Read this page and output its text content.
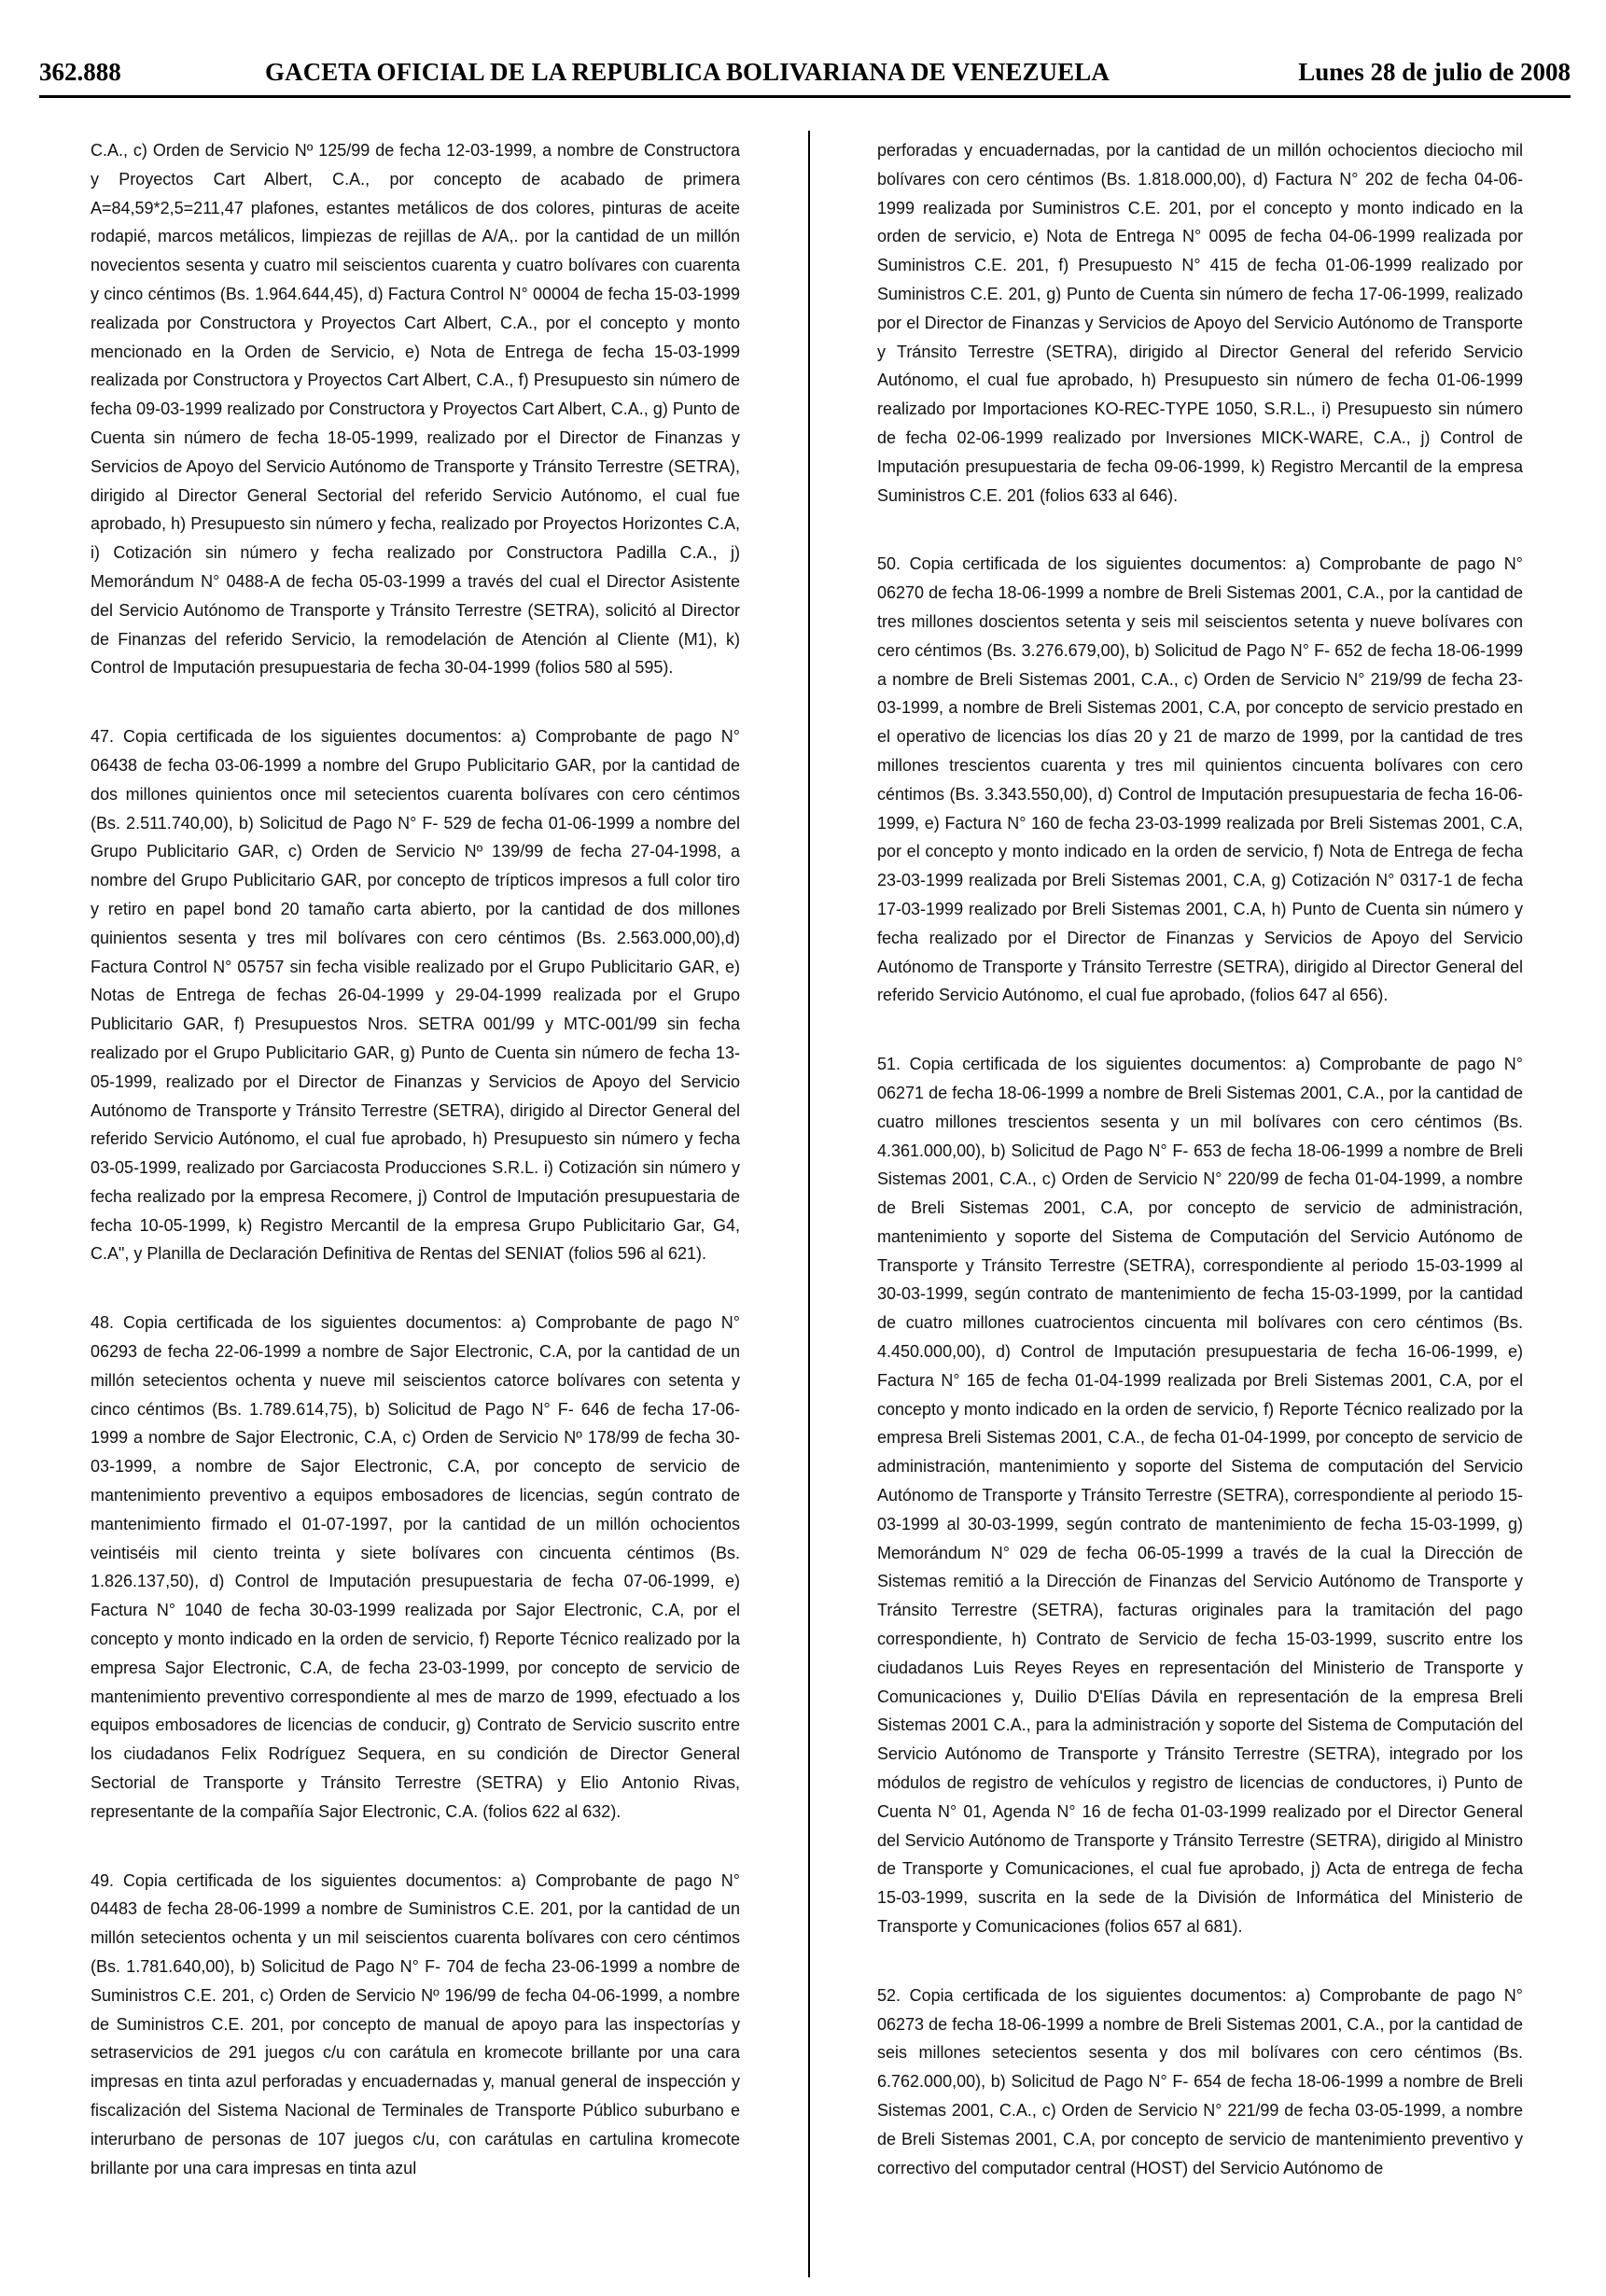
362.888	GACETA OFICIAL DE LA REPUBLICA BOLIVARIANA DE VENEZUELA	Lunes 28 de julio de 2008

C.A., c) Orden de Servicio Nº 125/99 de fecha 12-03-1999, a nombre de Constructora y Proyectos Cart Albert, C.A., por concepto de acabado de primera A=84,59*2,5=211,47 plafones, estantes metálicos de dos colores, pinturas de aceite rodapié, marcos metálicos, limpiezas de rejillas de A/A,. por la cantidad de un millón novecientos sesenta y cuatro mil seiscientos cuarenta y cuatro bolívares con cuarenta y cinco céntimos (Bs. 1.964.644,45), d) Factura Control N° 00004 de fecha 15-03-1999 realizada por Constructora y Proyectos Cart Albert, C.A., por el concepto y monto mencionado en la Orden de Servicio, e) Nota de Entrega de fecha 15-03-1999 realizada por Constructora y Proyectos Cart Albert, C.A., f) Presupuesto sin número de fecha 09-03-1999 realizado por Constructora y Proyectos Cart Albert, C.A., g) Punto de Cuenta sin número de fecha 18-05-1999, realizado por el Director de Finanzas y Servicios de Apoyo del Servicio Autónomo de Transporte y Tránsito Terrestre (SETRA), dirigido al Director General Sectorial del referido Servicio Autónomo, el cual fue aprobado, h) Presupuesto sin número y fecha, realizado por Proyectos Horizontes C.A, i) Cotización sin número y fecha realizado por Constructora Padilla C.A., j) Memorándum N° 0488-A de fecha 05-03-1999 a través del cual el Director Asistente del Servicio Autónomo de Transporte y Tránsito Terrestre (SETRA), solicitó al Director de Finanzas del referido Servicio, la remodelación de Atención al Cliente (M1), k) Control de Imputación presupuestaria de fecha 30-04-1999 (folios 580 al 595).

47. Copia certificada de los siguientes documentos: a) Comprobante de pago N° 06438 de fecha 03-06-1999 a nombre del Grupo Publicitario GAR, por la cantidad de dos millones quinientos once mil setecientos cuarenta bolívares con cero céntimos (Bs. 2.511.740,00), b) Solicitud de Pago N° F- 529 de fecha 01-06-1999 a nombre del Grupo Publicitario GAR, c) Orden de Servicio Nº 139/99 de fecha 27-04-1998, a nombre del Grupo Publicitario GAR, por concepto de trípticos impresos a full color tiro y retiro en papel bond 20 tamaño carta abierto, por la cantidad de dos millones quinientos sesenta y tres mil bolívares con cero céntimos (Bs. 2.563.000,00),d) Factura Control N° 05757 sin fecha visible realizado por el Grupo Publicitario GAR, e) Notas de Entrega de fechas 26-04-1999 y 29-04-1999 realizada por el Grupo Publicitario GAR, f) Presupuestos Nros. SETRA 001/99 y MTC-001/99 sin fecha realizado por el Grupo Publicitario GAR, g) Punto de Cuenta sin número de fecha 13-05-1999, realizado por el Director de Finanzas y Servicios de Apoyo del Servicio Autónomo de Transporte y Tránsito Terrestre (SETRA), dirigido al Director General del referido Servicio Autónomo, el cual fue aprobado, h) Presupuesto sin número y fecha 03-05-1999, realizado por Garciacosta Producciones S.R.L. i) Cotización sin número y fecha realizado por la empresa Recomere, j) Control de Imputación presupuestaria de fecha 10-05-1999, k) Registro Mercantil de la empresa Grupo Publicitario Gar, G4, C.A", y Planilla de Declaración Definitiva de Rentas del SENIAT (folios 596 al 621).

48. Copia certificada de los siguientes documentos: a) Comprobante de pago N° 06293 de fecha 22-06-1999 a nombre de Sajor Electronic, C.A, por la cantidad de un millón setecientos ochenta y nueve mil seiscientos catorce bolívares con setenta y cinco céntimos (Bs. 1.789.614,75), b) Solicitud de Pago N° F- 646 de fecha 17-06-1999 a nombre de Sajor Electronic, C.A, c) Orden de Servicio Nº 178/99 de fecha 30-03-1999, a nombre de Sajor Electronic, C.A, por concepto de servicio de mantenimiento preventivo a equipos embosadores de licencias, según contrato de mantenimiento firmado el 01-07-1997, por la cantidad de un millón ochocientos veintiséis mil ciento treinta y siete bolívares con cincuenta céntimos (Bs. 1.826.137,50), d) Control de Imputación presupuestaria de fecha 07-06-1999, e) Factura N° 1040 de fecha 30-03-1999 realizada por Sajor Electronic, C.A, por el concepto y monto indicado en la orden de servicio, f) Reporte Técnico realizado por la empresa Sajor Electronic, C.A, de fecha 23-03-1999, por concepto de servicio de mantenimiento preventivo correspondiente al mes de marzo de 1999, efectuado a los equipos embosadores de licencias de conducir, g) Contrato de Servicio suscrito entre los ciudadanos Felix Rodríguez Sequera, en su condición de Director General Sectorial de Transporte y Tránsito Terrestre (SETRA) y Elio Antonio Rivas, representante de la compañía Sajor Electronic, C.A. (folios 622 al 632).

49. Copia certificada de los siguientes documentos: a) Comprobante de pago N° 04483 de fecha 28-06-1999 a nombre de Suministros C.E. 201, por la cantidad de un millón setecientos ochenta y un mil seiscientos cuarenta bolívares con cero céntimos (Bs. 1.781.640,00), b) Solicitud de Pago N° F- 704 de fecha 23-06-1999 a nombre de Suministros C.E. 201, c) Orden de Servicio Nº 196/99 de fecha 04-06-1999, a nombre de Suministros C.E. 201, por concepto de manual de apoyo para las inspectorías y setraservicios de 291 juegos c/u con carátula en kromecote brillante por una cara impresas en tinta azul perforadas y encuadernadas y, manual general de inspección y fiscalización del Sistema Nacional de Terminales de Transporte Público suburbano e interurbano de personas de 107 juegos c/u, con carátulas en cartulina kromecote brillante por una cara impresas en tinta azul

perforadas y encuadernadas, por la cantidad de un millón ochocientos dieciocho mil bolívares con cero céntimos (Bs. 1.818.000,00), d) Factura N° 202 de fecha 04-06-1999 realizada por Suministros C.E. 201, por el concepto y monto indicado en la orden de servicio, e) Nota de Entrega N° 0095 de fecha 04-06-1999 realizada por Suministros C.E. 201, f) Presupuesto N° 415 de fecha 01-06-1999 realizado por Suministros C.E. 201, g) Punto de Cuenta sin número de fecha 17-06-1999, realizado por el Director de Finanzas y Servicios de Apoyo del Servicio Autónomo de Transporte y Tránsito Terrestre (SETRA), dirigido al Director General del referido Servicio Autónomo, el cual fue aprobado, h) Presupuesto sin número de fecha 01-06-1999 realizado por Importaciones KO-REC-TYPE 1050, S.R.L., i) Presupuesto sin número de fecha 02-06-1999 realizado por Inversiones MICK-WARE, C.A., j) Control de Imputación presupuestaria de fecha 09-06-1999, k) Registro Mercantil de la empresa Suministros C.E. 201 (folios 633 al 646).

50. Copia certificada de los siguientes documentos: a) Comprobante de pago N° 06270 de fecha 18-06-1999 a nombre de Breli Sistemas 2001, C.A., por la cantidad de tres millones doscientos setenta y seis mil seiscientos setenta y nueve bolívares con cero céntimos (Bs. 3.276.679,00), b) Solicitud de Pago N° F- 652 de fecha 18-06-1999 a nombre de Breli Sistemas 2001, C.A., c) Orden de Servicio N° 219/99 de fecha 23-03-1999, a nombre de Breli Sistemas 2001, C.A, por concepto de servicio prestado en el operativo de licencias los días 20 y 21 de marzo de 1999, por la cantidad de tres millones trescientos cuarenta y tres mil quinientos cincuenta bolívares con cero céntimos (Bs. 3.343.550,00), d) Control de Imputación presupuestaria de fecha 16-06-1999, e) Factura N° 160 de fecha 23-03-1999 realizada por Breli Sistemas 2001, C.A, por el concepto y monto indicado en la orden de servicio, f) Nota de Entrega de fecha 23-03-1999 realizada por Breli Sistemas 2001, C.A, g) Cotización N° 0317-1 de fecha 17-03-1999 realizado por Breli Sistemas 2001, C.A, h) Punto de Cuenta sin número y fecha realizado por el Director de Finanzas y Servicios de Apoyo del Servicio Autónomo de Transporte y Tránsito Terrestre (SETRA), dirigido al Director General del referido Servicio Autónomo, el cual fue aprobado, (folios 647 al 656).

51. Copia certificada de los siguientes documentos: a) Comprobante de pago N° 06271 de fecha 18-06-1999 a nombre de Breli Sistemas 2001, C.A., por la cantidad de cuatro millones trescientos sesenta y un mil bolívares con cero céntimos (Bs. 4.361.000,00), b) Solicitud de Pago N° F- 653 de fecha 18-06-1999 a nombre de Breli Sistemas 2001, C.A., c) Orden de Servicio N° 220/99 de fecha 01-04-1999, a nombre de Breli Sistemas 2001, C.A, por concepto de servicio de administración, mantenimiento y soporte del Sistema de Computación del Servicio Autónomo de Transporte y Tránsito Terrestre (SETRA), correspondiente al periodo 15-03-1999 al 30-03-1999, según contrato de mantenimiento de fecha 15-03-1999, por la cantidad de cuatro millones cuatrocientos cincuenta mil bolívares con cero céntimos (Bs. 4.450.000,00), d) Control de Imputación presupuestaria de fecha 16-06-1999, e) Factura N° 165 de fecha 01-04-1999 realizada por Breli Sistemas 2001, C.A, por el concepto y monto indicado en la orden de servicio, f) Reporte Técnico realizado por la empresa Breli Sistemas 2001, C.A., de fecha 01-04-1999, por concepto de servicio de administración, mantenimiento y soporte del Sistema de computación del Servicio Autónomo de Transporte y Tránsito Terrestre (SETRA), correspondiente al periodo 15-03-1999 al 30-03-1999, según contrato de mantenimiento de fecha 15-03-1999, g) Memorándum N° 029 de fecha 06-05-1999 a través de la cual la Dirección de Sistemas remitió a la Dirección de Finanzas del Servicio Autónomo de Transporte y Tránsito Terrestre (SETRA), facturas originales para la tramitación del pago correspondiente, h) Contrato de Servicio de fecha 15-03-1999, suscrito entre los ciudadanos Luis Reyes Reyes en representación del Ministerio de Transporte y Comunicaciones y, Duilio D'Elías Dávila en representación de la empresa Breli Sistemas 2001 C.A., para la administración y soporte del Sistema de Computación del Servicio Autónomo de Transporte y Tránsito Terrestre (SETRA), integrado por los módulos de registro de vehículos y registro de licencias de conductores, i) Punto de Cuenta N° 01, Agenda N° 16 de fecha 01-03-1999 realizado por el Director General del Servicio Autónomo de Transporte y Tránsito Terrestre (SETRA), dirigido al Ministro de Transporte y Comunicaciones, el cual fue aprobado, j) Acta de entrega de fecha 15-03-1999, suscrita en la sede de la División de Informática del Ministerio de Transporte y Comunicaciones (folios 657 al 681).

52. Copia certificada de los siguientes documentos: a) Comprobante de pago N° 06273 de fecha 18-06-1999 a nombre de Breli Sistemas 2001, C.A., por la cantidad de seis millones setecientos sesenta y dos mil bolívares con cero céntimos (Bs. 6.762.000,00), b) Solicitud de Pago N° F- 654 de fecha 18-06-1999 a nombre de Breli Sistemas 2001, C.A., c) Orden de Servicio N° 221/99 de fecha 03-05-1999, a nombre de Breli Sistemas 2001, C.A, por concepto de servicio de mantenimiento preventivo y correctivo del computador central (HOST) del Servicio Autónomo de
